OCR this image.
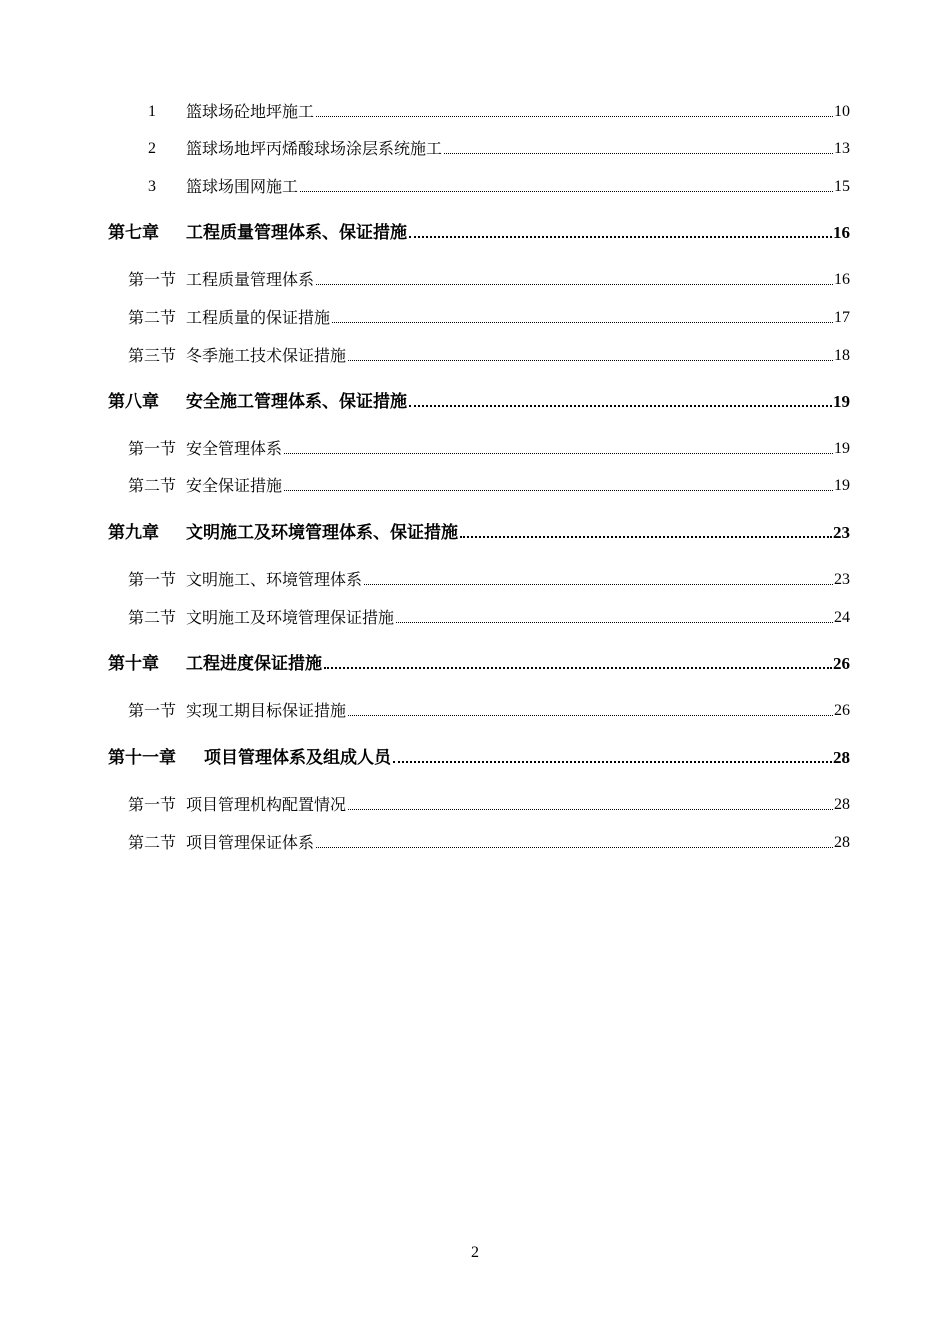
1	篮球场砼地坪施工	10
2	篮球场地坪丙烯酸球场涂层系统施工	13
3	篮球场围网施工	15
第七章	工程质量管理体系、保证措施	16
第一节 工程质量管理体系	16
第二节 工程质量的保证措施	17
第三节 冬季施工技术保证措施	18
第八章	安全施工管理体系、保证措施	19
第一节 安全管理体系	19
第二节 安全保证措施	19
第九章	文明施工及环境管理体系、保证措施	23
第一节 文明施工、环境管理体系	23
第二节 文明施工及环境管理保证措施	24
第十章	工程进度保证措施	26
第一节 实现工期目标保证措施	26
第十一章	项目管理体系及组成人员	28
第一节 项目管理机构配置情况	28
第二节 项目管理保证体系	28
2
